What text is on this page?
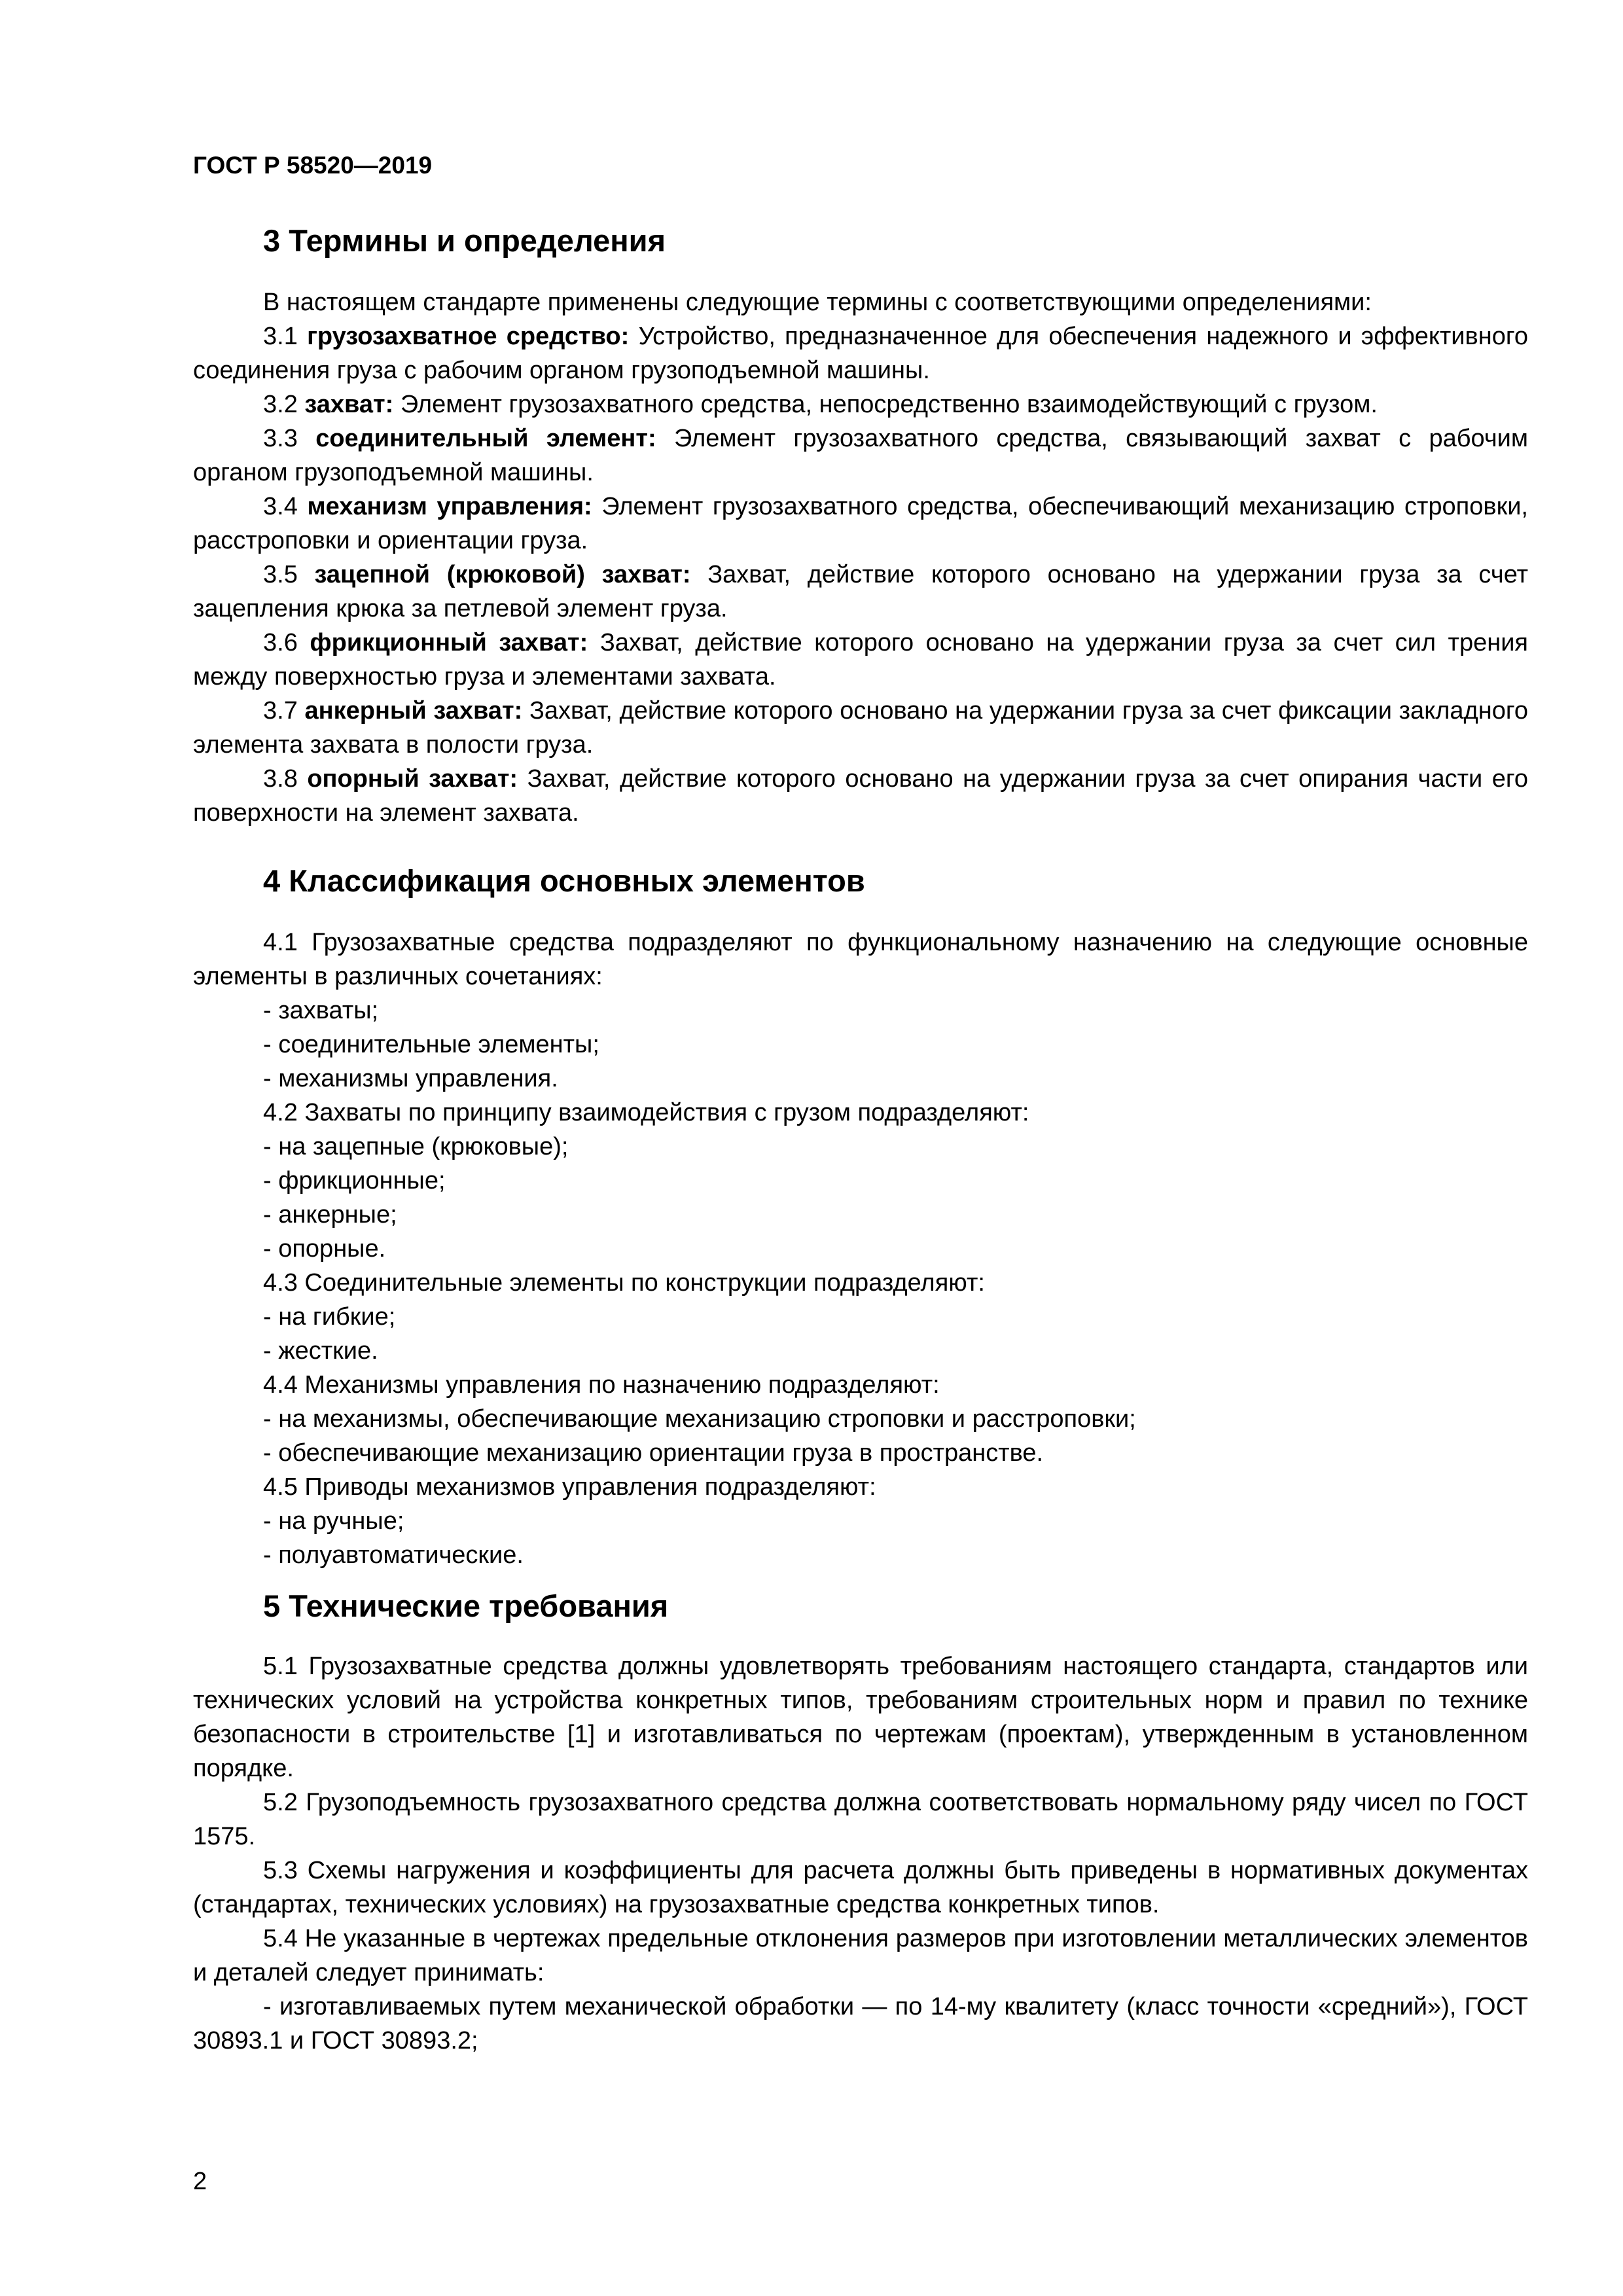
ГОСТ Р 58520—2019
3 Термины и определения
В настоящем стандарте применены следующие термины с соответствующими определениями:
3.1 грузозахватное средство: Устройство, предназначенное для обеспечения надежного и эффективного соединения груза с рабочим органом грузоподъемной машины.
3.2 захват: Элемент грузозахватного средства, непосредственно взаимодействующий с грузом.
3.3 соединительный элемент: Элемент грузозахватного средства, связывающий захват с рабочим органом грузоподъемной машины.
3.4 механизм управления: Элемент грузозахватного средства, обеспечивающий механизацию строповки, расстроповки и ориентации груза.
3.5 зацепной (крюковой) захват: Захват, действие которого основано на удержании груза за счет зацепления крюка за петлевой элемент груза.
3.6 фрикционный захват: Захват, действие которого основано на удержании груза за счет сил трения между поверхностью груза и элементами захвата.
3.7 анкерный захват: Захват, действие которого основано на удержании груза за счет фиксации закладного элемента захвата в полости груза.
3.8 опорный захват: Захват, действие которого основано на удержании груза за счет опирания части его поверхности на элемент захвата.
4 Классификация основных элементов
4.1 Грузозахватные средства подразделяют по функциональному назначению на следующие основные элементы в различных сочетаниях:
- захваты;
- соединительные элементы;
- механизмы управления.
4.2 Захваты по принципу взаимодействия с грузом подразделяют:
- на зацепные (крюковые);
- фрикционные;
- анкерные;
- опорные.
4.3 Соединительные элементы по конструкции подразделяют:
- на гибкие;
- жесткие.
4.4 Механизмы управления по назначению подразделяют:
- на механизмы, обеспечивающие механизацию строповки и расстроповки;
- обеспечивающие механизацию ориентации груза в пространстве.
4.5 Приводы механизмов управления подразделяют:
- на ручные;
- полуавтоматические.
5 Технические требования
5.1 Грузозахватные средства должны удовлетворять требованиям настоящего стандарта, стандартов или технических условий на устройства конкретных типов, требованиям строительных норм и правил по технике безопасности в строительстве [1] и изготавливаться по чертежам (проектам), утвержденным в установленном порядке.
5.2 Грузоподъемность грузозахватного средства должна соответствовать нормальному ряду чисел по ГОСТ 1575.
5.3 Схемы нагружения и коэффициенты для расчета должны быть приведены в нормативных документах (стандартах, технических условиях) на грузозахватные средства конкретных типов.
5.4 Не указанные в чертежах предельные отклонения размеров при изготовлении металлических элементов и деталей следует принимать:
- изготавливаемых путем механической обработки — по 14-му квалитету (класс точности «средний»), ГОСТ 30893.1 и ГОСТ 30893.2;
2
